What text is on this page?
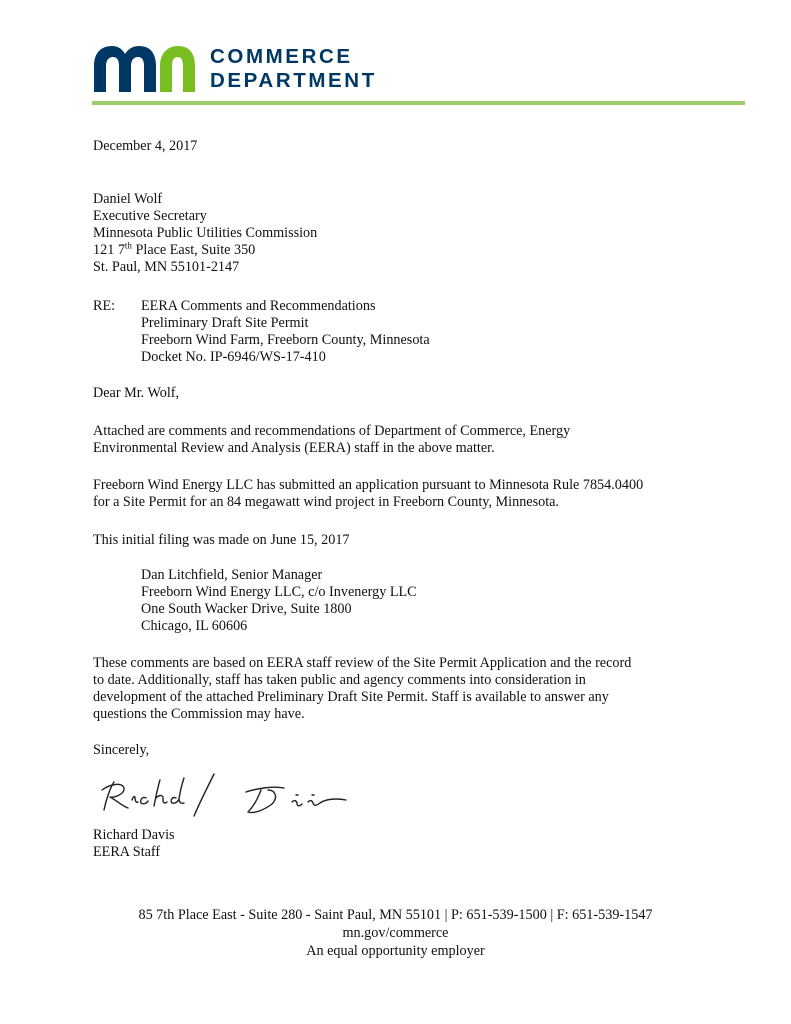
COMMERCE
DEPARTMENT
December 4, 2017
Daniel Wolf
Executive Secretary
Minnesota Public Utilities Commission
121 7th Place East, Suite 350
St. Paul, MN 55101-2147
RE: EERA Comments and Recommendations
Preliminary Draft Site Permit
Freeborn Wind Farm, Freeborn County, Minnesota
Docket No. IP-6946/WS-17-410
Dear Mr. Wolf,
Attached are comments and recommendations of Department of Commerce, Energy
Environmental Review and Analysis (EERA) staff in the above matter.
Freeborn Wind Energy LLC has submitted an application pursuant to Minnesota Rule 7854.0400
for a Site Permit for an 84 megawatt wind project in Freeborn County, Minnesota.
This initial filing was made on June 15, 2017
Dan Litchfield, Senior Manager
Freeborn Wind Energy LLC, c/o Invenergy LLC
One South Wacker Drive, Suite 1800
Chicago, IL 60606
These comments are based on EERA staff review of the Site Permit Application and the record
to date. Additionally, staff has taken public and agency comments into consideration in
development of the attached Preliminary Draft Site Permit. Staff is available to answer any
questions the Commission may have.
Sincerely,
Richard Davis
EERA Staff
85 7th Place East - Suite 280 - Saint Paul, MN 55101 | P: 651-539-1500 | F: 651-539-1547
mn.gov/commerce
An equal opportunity employer
